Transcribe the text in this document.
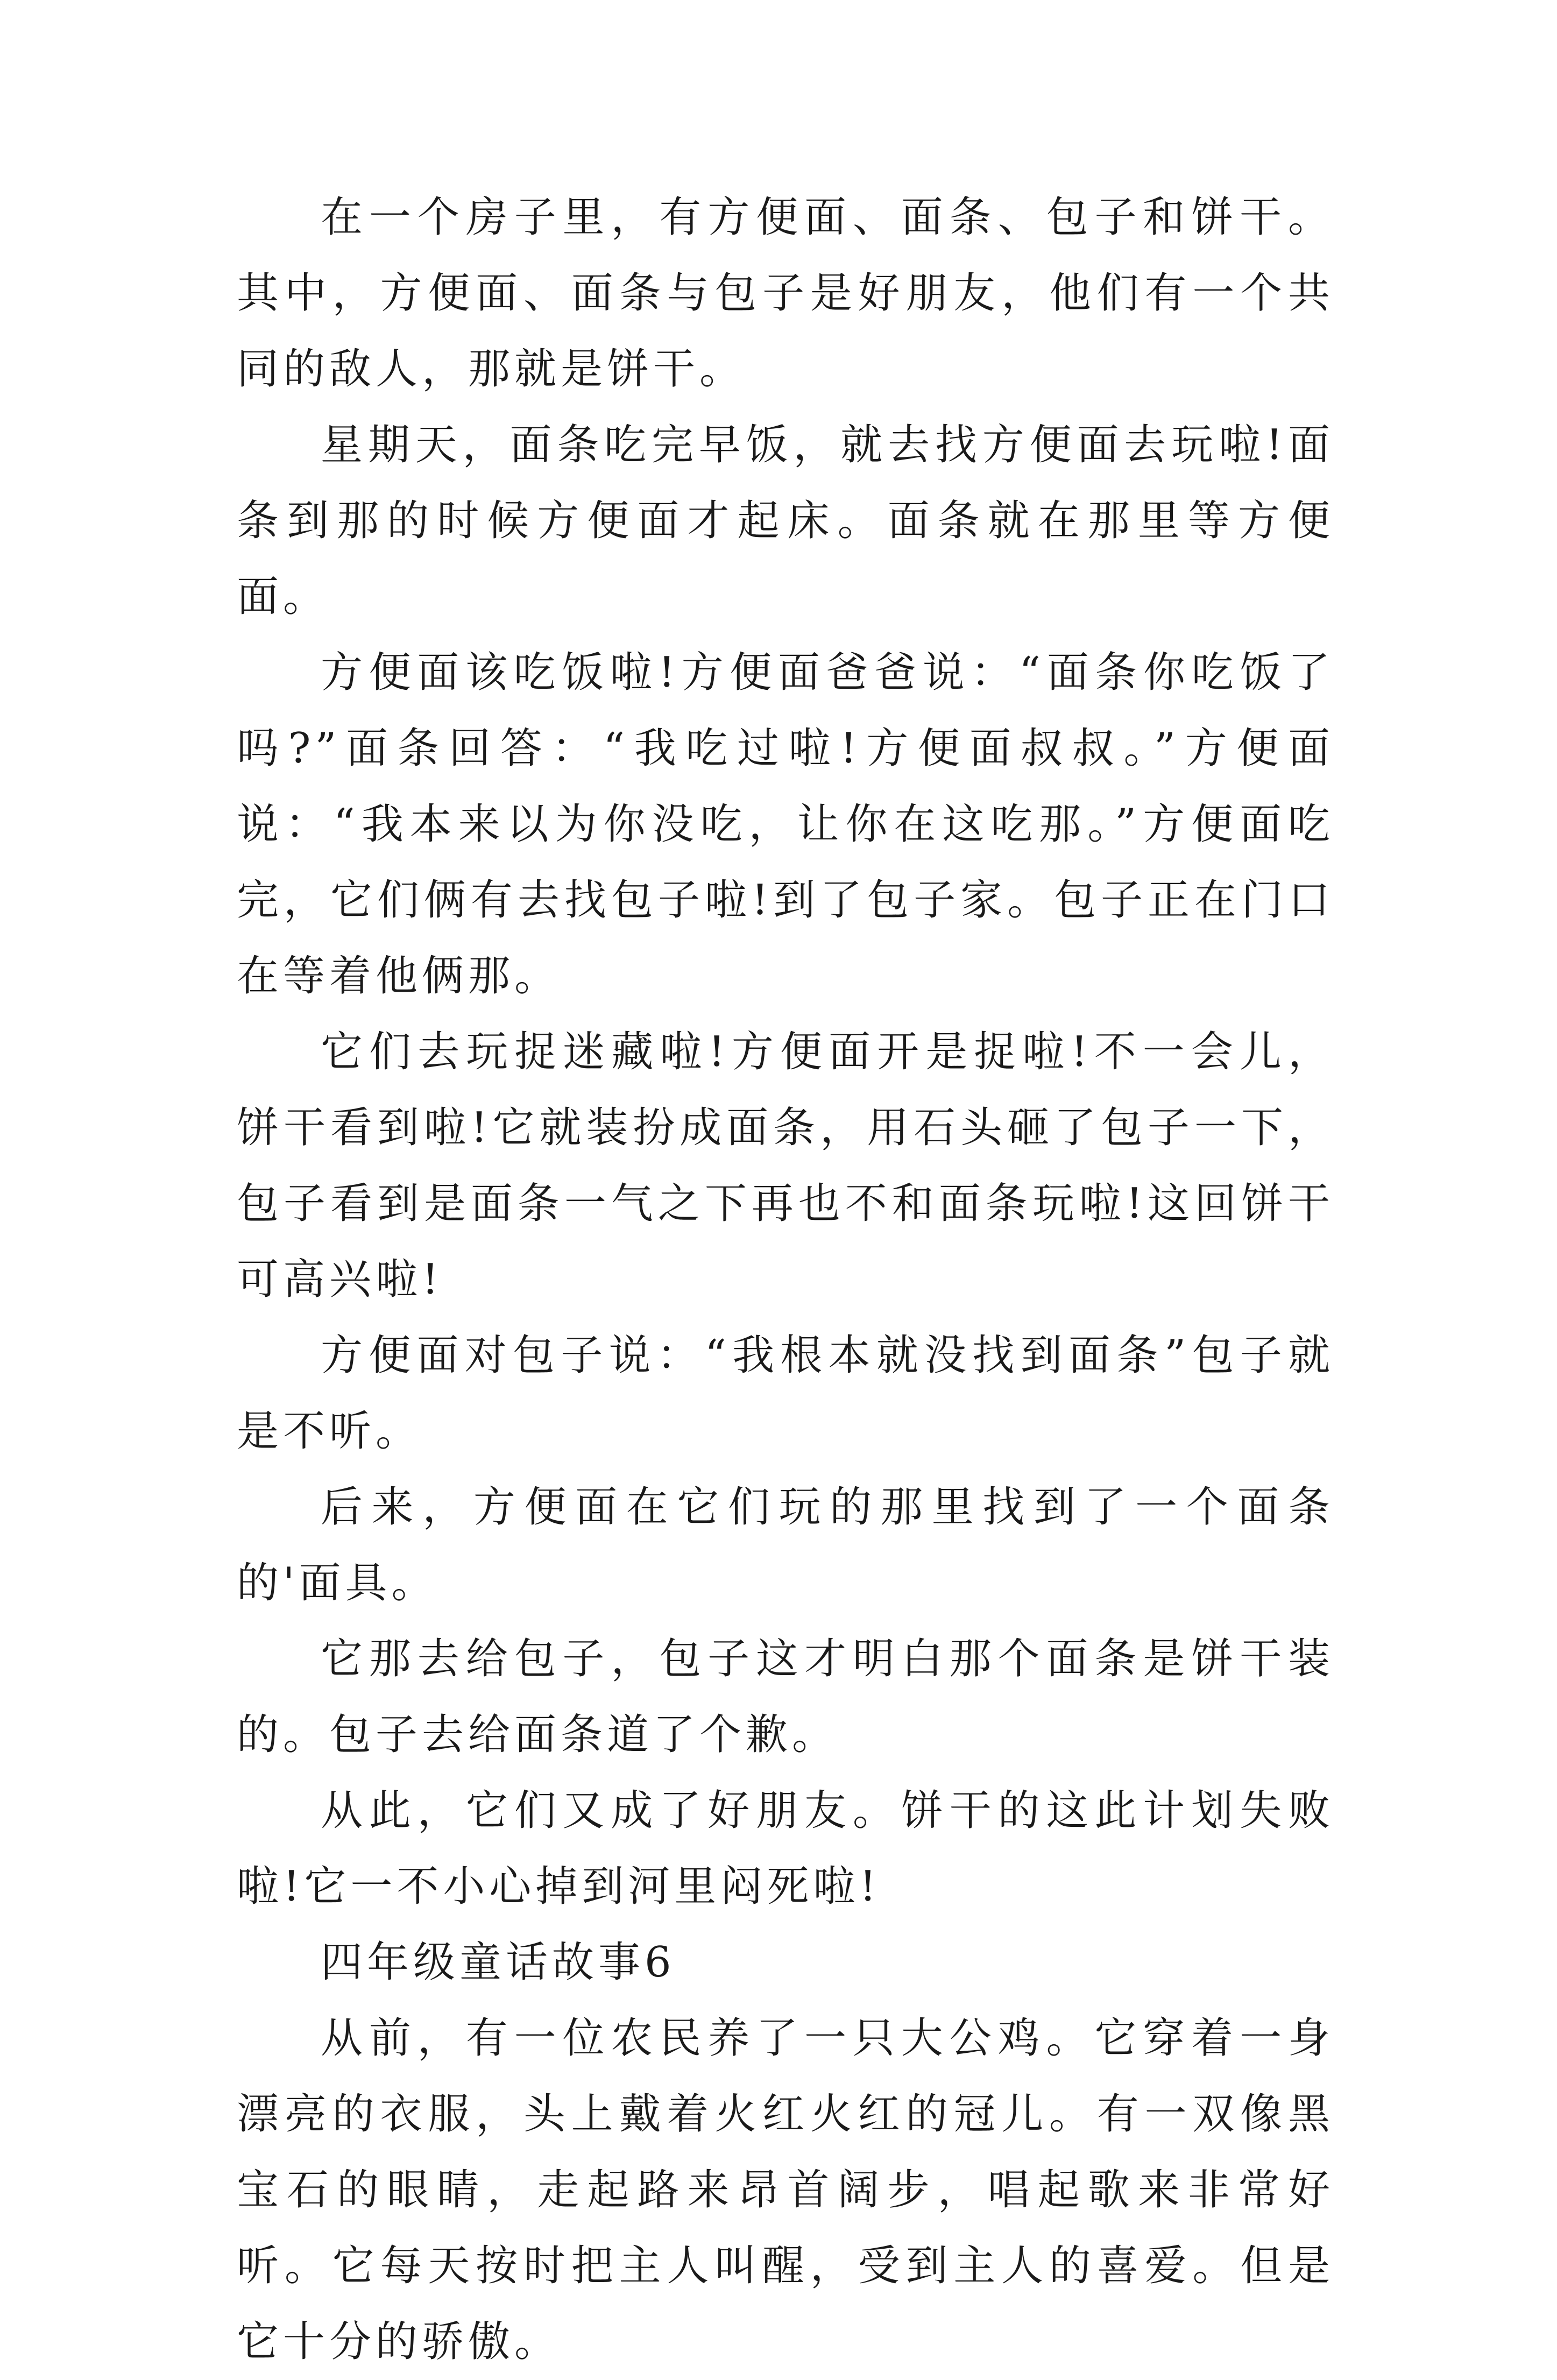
在一个房子里，有方便面、面条、包子和饼干。其中，方便面、面条与包子是好朋友，他们有一个共同的敌人，那就是饼干。

星期天，面条吃完早饭，就去找方便面去玩啦!面条到那的时候方便面才起床。面条就在那里等方便面。

方便面该吃饭啦!方便面爸爸说：“面条你吃饭了吗?”面条回答：“我吃过啦!方便面叔叔。”方便面说：“我本来以为你没吃，让你在这吃那。”方便面吃完，它们俩有去找包子啦!到了包子家。包子正在门口在等着他俩那。

它们去玩捉迷藏啦!方便面开是捉啦!不一会儿，饼干看到啦!它就装扮成面条，用石头砸了包子一下，包子看到是面条一气之下再也不和面条玩啦!这回饼干可高兴啦!

方便面对包子说：“我根本就没找到面条”包子就是不听。

后来，方便面在它们玩的那里找到了一个面条的'面具。

它那去给包子，包子这才明白那个面条是饼干装的。包子去给面条道了个歉。

从此，它们又成了好朋友。饼干的这此计划失败啦!它一不小心掉到河里闷死啦!

四年级童话故事6

从前，有一位农民养了一只大公鸡。它穿着一身漂亮的衣服，头上戴着火红火红的冠儿。有一双像黑宝石的眼睛，走起路来昂首阔步，唱起歌来非常好听。它每天按时把主人叫醒，受到主人的喜爱。但是它十分的骄傲。
